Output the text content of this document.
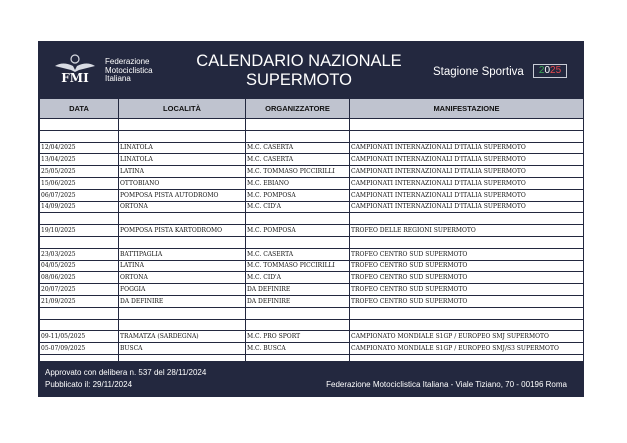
FMI
Federazione
Motociclistica
Italiana
CALENDARIO NAZIONALE
SUPERMOTO	Stagione Sportiva	2025
DATA	LOCALITÀ	ORGANIZZATORE	MANIFESTAZIONE

12/04/2025	LINATOLA	M.C. CASERTA	CAMPIONATI INTERNAZIONALI D'ITALIA SUPERMOTO
13/04/2025	LINATOLA	M.C. CASERTA	CAMPIONATI INTERNAZIONALI D'ITALIA SUPERMOTO
25/05/2025	LATINA	M.C. TOMMASO PICCIRILLI	CAMPIONATI INTERNAZIONALI D'ITALIA SUPERMOTO
15/06/2025	OTTOBIANO	M.C. EBIANO	CAMPIONATI INTERNAZIONALI D'ITALIA SUPERMOTO
06/07/2025	POMPOSA PISTA AUTODROMO	M.C. POMPOSA	CAMPIONATI INTERNAZIONALI D'ITALIA SUPERMOTO
14/09/2025	ORTONA	M.C. CID'A	CAMPIONATI INTERNAZIONALI D'ITALIA SUPERMOTO

19/10/2025	POMPOSA PISTA KARTODROMO	M.C. POMPOSA	TROFEO DELLE REGIONI SUPERMOTO

23/03/2025	BATTIPAGLIA	M.C. CASERTA	TROFEO CENTRO SUD SUPERMOTO
04/05/2025	LATINA	M.C. TOMMASO PICCIRILLI	TROFEO CENTRO SUD SUPERMOTO
08/06/2025	ORTONA	M.C. CID'A	TROFEO CENTRO SUD SUPERMOTO
20/07/2025	FOGGIA	DA DEFINIRE	TROFEO CENTRO SUD SUPERMOTO
21/09/2025	DA DEFINIRE	DA DEFINIRE	TROFEO CENTRO SUD SUPERMOTO

09-11/05/2025	TRAMATZA (SARDEGNA)	M.C. PRO SPORT	CAMPIONATO MONDIALE S1GP / EUROPEO SMJ SUPERMOTO
05-07/09/2025	BUSCA	M.C. BUSCA	CAMPIONATO MONDIALE S1GP / EUROPEO SMJ/S3 SUPERMOTO

Approvato con delibera n. 537 del 28/11/2024
Pubblicato il: 29/11/2024	Federazione Motociclistica Italiana - Viale Tiziano, 70 - 00196 Roma
